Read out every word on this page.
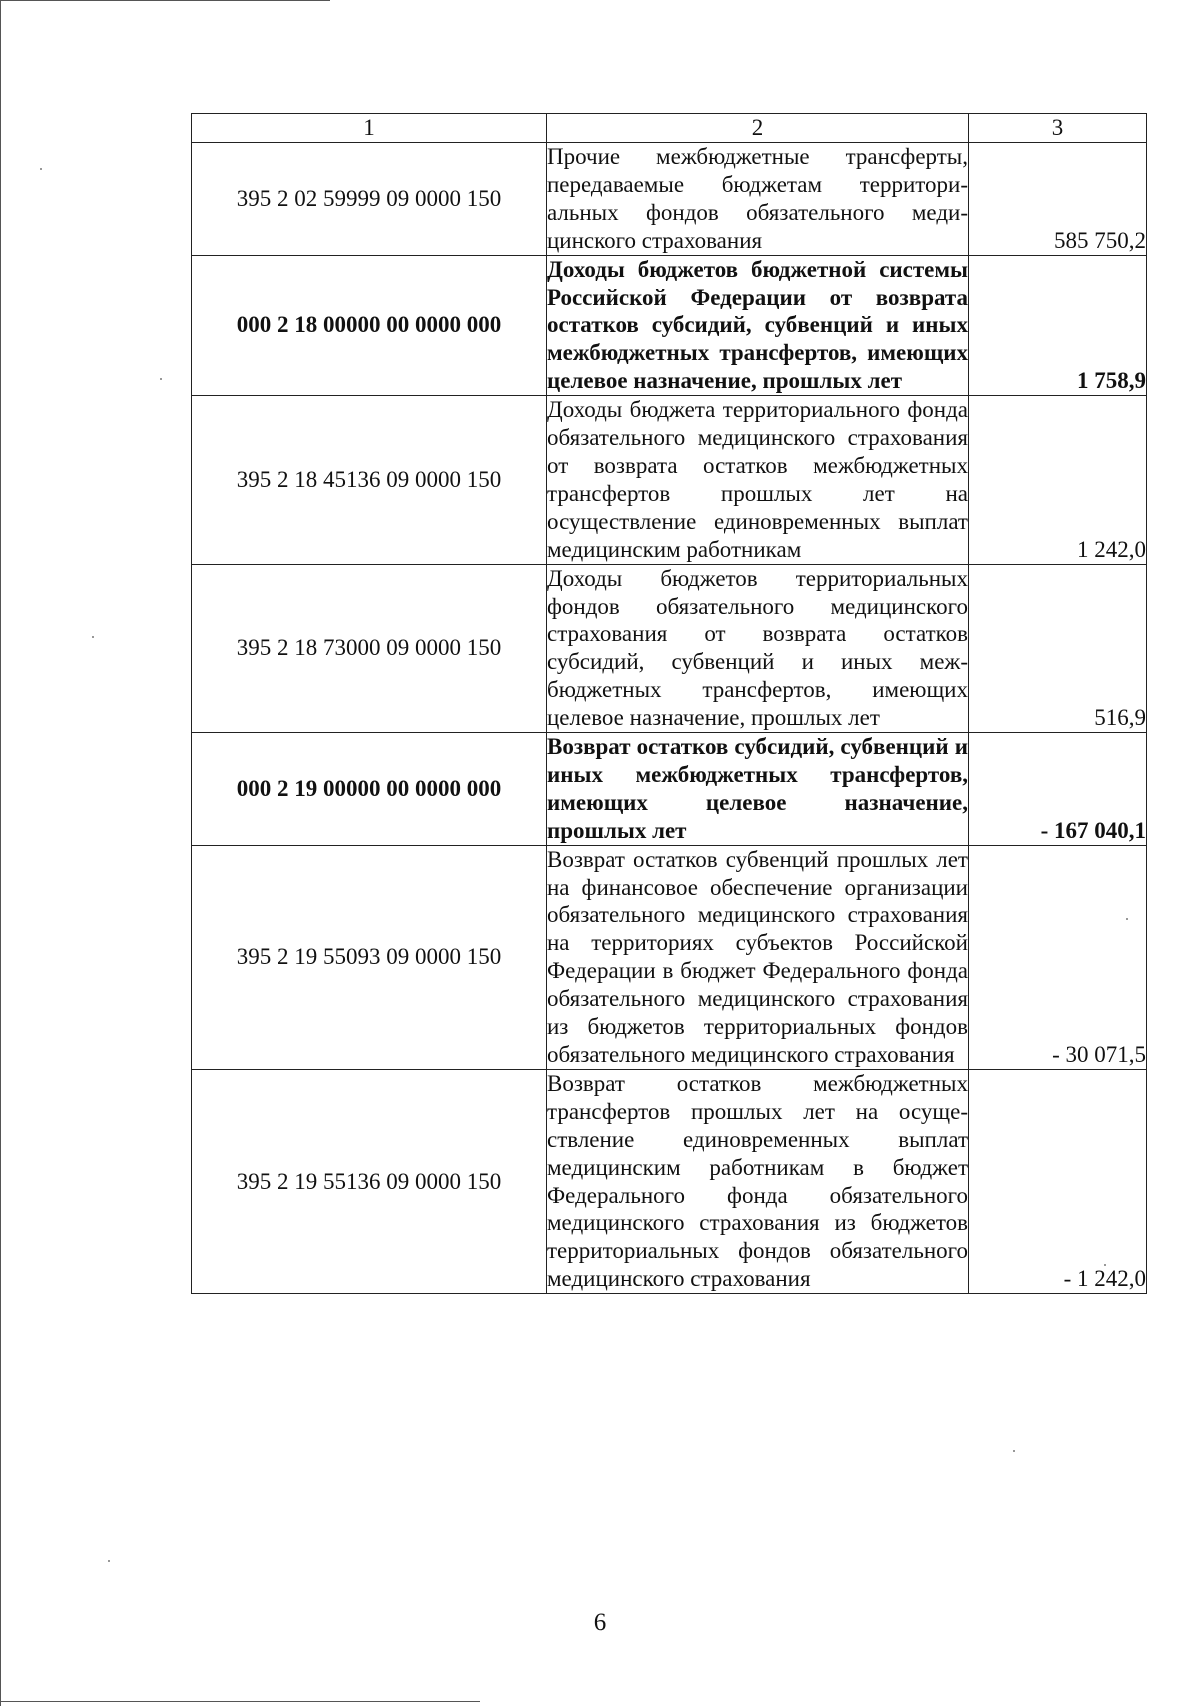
1	2	3
395 2 02 59999 09 0000 150	Прочие межбюджетные трансферты, передаваемые бюджетам территориальных фондов обязательного медицинского страхования	585 750,2
000 2 18 00000 00 0000 000	Доходы бюджетов бюджетной системы Российской Федерации от возврата остатков субсидий, субвенций и иных межбюджетных трансфертов, имеющих целевое назначение, прошлых лет	1 758,9
395 2 18 45136 09 0000 150	Доходы бюджета территориального фонда обязательного медицинского страхования от возврата остатков межбюджетных трансфертов прошлых лет на осуществление единовременных выплат медицинским работникам	1 242,0
395 2 18 73000 09 0000 150	Доходы бюджетов территориальных фондов обязательного медицинского страхования от возврата остатков субсидий, субвенций и иных межбюджетных трансфертов, имеющих целевое назначение, прошлых лет	516,9
000 2 19 00000 00 0000 000	Возврат остатков субсидий, субвенций и иных межбюджетных трансфертов, имеющих целевое назначение, прошлых лет	- 167 040,1
395 2 19 55093 09 0000 150	Возврат остатков субвенций прошлых лет на финансовое обеспечение организации обязательного медицинского страхования на территориях субъектов Российской Федерации в бюджет Федерального фонда обязательного медицинского страхования из бюджетов территориальных фондов обязательного медицинского страхования	- 30 071,5
395 2 19 55136 09 0000 150	Возврат остатков межбюджетных трансфертов прошлых лет на осуществление единовременных выплат медицинским работникам в бюджет Федерального фонда обязательного медицинского страхования из бюджетов территориальных фондов обязательного медицинского страхования	- 1 242,0
6
